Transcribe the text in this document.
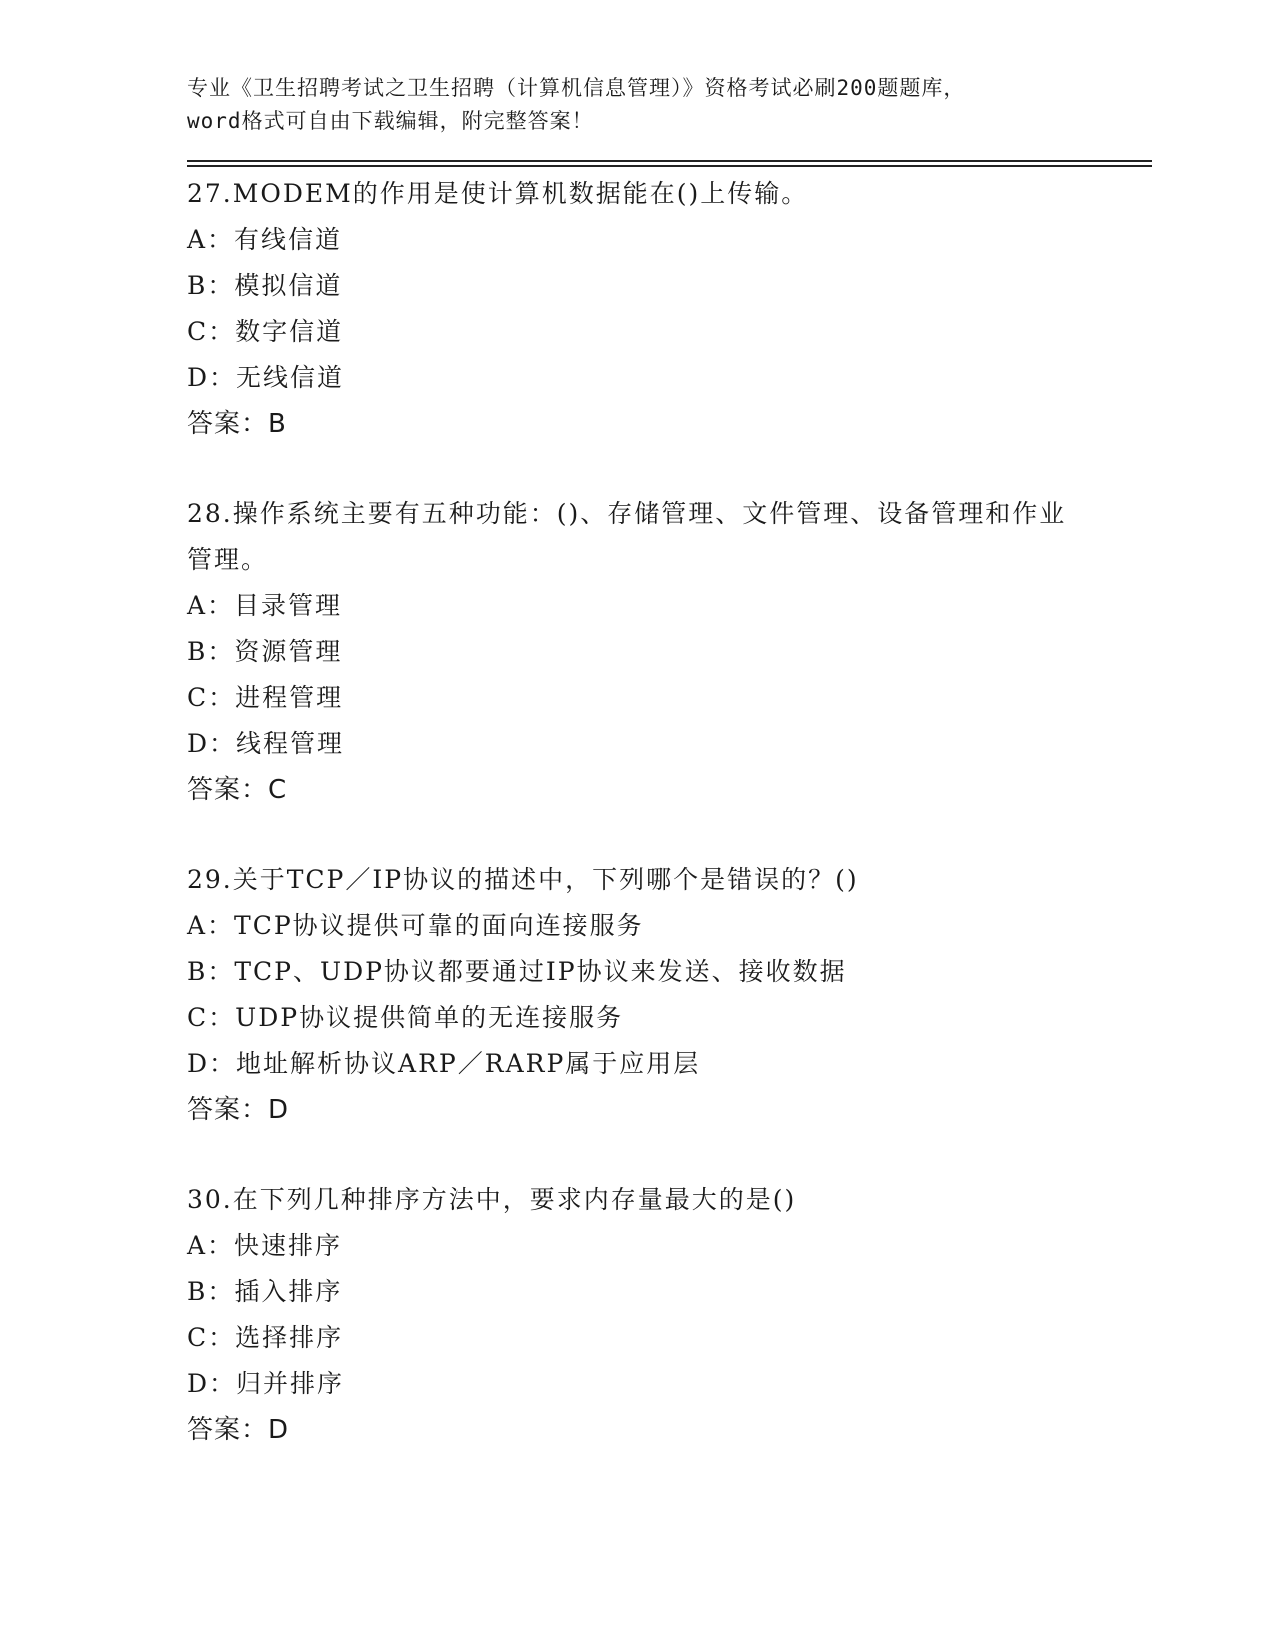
专业《卫生招聘考试之卫生招聘（计算机信息管理）》资格考试必刷200题题库，

word格式可自由下载编辑，附完整答案！

27.MODEM的作用是使计算机数据能在()上传输。

A：有线信道

B：模拟信道

C：数字信道

D：无线信道

答案：B

28.操作系统主要有五种功能：()、存储管理、文件管理、设备管理和作业管理。

A：目录管理

B：资源管理

C：进程管理

D：线程管理

答案：C

29.关于TCP／IP协议的描述中，下列哪个是错误的？()

A：TCP协议提供可靠的面向连接服务

B：TCP、UDP协议都要通过IP协议来发送、接收数据

C：UDP协议提供简单的无连接服务

D：地址解析协议ARP／RARP属于应用层

答案：D

30.在下列几种排序方法中，要求内存量最大的是()

A：快速排序

B：插入排序

C：选择排序

D：归并排序

答案：D
